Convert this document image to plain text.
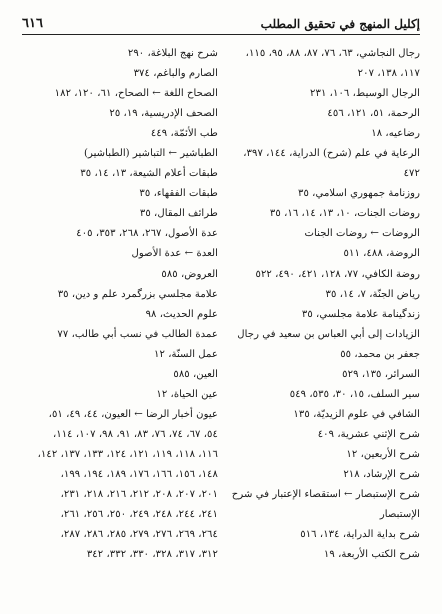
٦١٦	إكليل المنهج في تحقيق المطلب
رجال النجاشي، ٦٣، ٧٦، ٨٧، ٨٨، ٩٥، ١١٥،
١١٧، ١٣٨، ٢٠٧
الرجال الوسيط، ١٠٦، ٢٣١
الرحمة، ٥١، ١٢١، ٤٥٦
رضاعيه، ١٨
الرعاية في علم (شرح) الدراية، ١٤٤، ٣٩٧،
٤٧٢
روزنامة جمهوري اسلامي، ٣٥
روضات الجنات، ١٠، ١٣، ١٤، ١٦، ٣٥
الروضات ← روضات الجنات
الروضة، ٤٨٨، ٥١١
روضة الكافي، ٧٧، ١٢٨، ٤٢١، ٤٩٠، ٥٢٢
رياض الجنّة، ٧، ١٤، ٣٥
زندگينامة علامة مجلسي، ٣٥
الزيادات إلى أبي العباس بن سعيد في رجال
جعفر بن محمد، ٥٥
السرائر، ١٣٥، ٥٢٩
سير السلف، ١٥، ٣٠، ٥٣٥، ٥٤٩
الشافي في علوم الزيديّة، ١٣٥
شرح الإثني عشرية، ٤٠٩
شرح الأربعين، ١٢
شرح الإرشاد، ٢١٨
شرح الإستبصار ← استقصاء الإعتبار في شرح
الإستبصار
شرح بداية الدراية، ١٣٤، ٥١٦
شرح الكتب الأربعة، ١٩
شرح نهج البلاغة، ٢٩٠
الصارم والباغم، ٣٧٤
الصحاح اللغة ← الصحاح، ٦١، ١٢٠، ١٨٢
الصحف الإدريسية، ١٩، ٢٥
طب الأئمّة، ٤٤٩
الطباشير ← التباشير (الطباشير)
طبقات أعلام الشيعة، ١٣، ١٤، ٣٥
طبقات الفقهاء، ٣٥
طرائف المقال، ٣٥
عدة الأصول، ٢٦٧، ٢٦٨، ٣٥٣، ٤٠٥
العدة ← عدة الأصول
العروض، ٥٨٥
علامة مجلسي بزرگمرد علم و دين، ٣٥
علوم الحديث، ٩٨
عمدة الطالب في نسب أبي طالب، ٧٧
عمل السنّة، ١٢
العين، ٥٨٥
عين الحياة، ١٢
عيون أخبار الرضا ← العيون، ٤٤، ٤٩، ٥١،
٥٤، ٦٧، ٧٤، ٧٦، ٨٣، ٩١، ٩٨، ١٠٧، ١١٤،
١١٦، ١١٨، ١١٩، ١٢١، ١٢٤، ١٣٣، ١٣٧، ١٤٢،
١٤٨، ١٥٦، ١٦٦، ١٧٦، ١٨٩، ١٩٤، ١٩٩،
٢٠١، ٢٠٧، ٢٠٨، ٢١٢، ٢١٦، ٢١٨، ٢٣١،
٢٤١، ٢٤٤، ٢٤٨، ٢٤٩، ٢٥٠، ٢٥٦، ٢٦١،
٢٦٤، ٢٦٩، ٢٧٦، ٢٧٩، ٢٨٥، ٢٨٦، ٢٨٧،
٣١٢، ٣١٧، ٣٢٨، ٣٣٠، ٣٣٢، ٣٤٢
